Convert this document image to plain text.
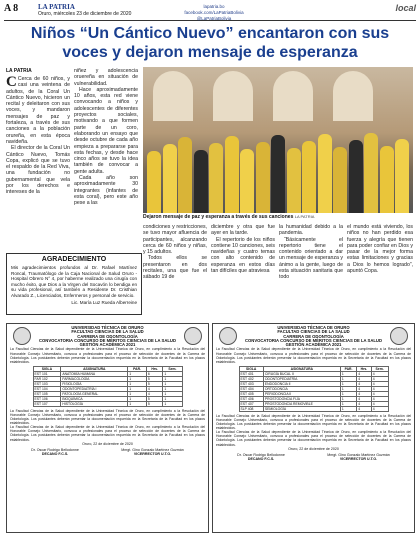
A 8	LA PATRIA
Oruro, miércoles 23 de diciembre de 2020
lapatria.bo
facebook.com/LaPatriaBolivia
@LaPatriaBolivia
local
Niños “Un Cántico Nuevo” encantaron con sus voces y dejaron mensaje de esperanza
LA PATRIA

C Cerca de 60 niños, y casi una veintena de adultos, de la Coral Un Cántico Nuevo, hicieron un recital y deleitaron con sus voces, y mandaron mensajes de paz y fortaleza, a través de sus canciones a la población orureña, en esta época navideña.

El director de la Coral Un Cántico Nuevo, Tomás Copa, explicó que se tuvo el respaldo de la Red Viva, una fundación no gubernamental que vela por los derechos e intereses de la

niñez y adolescencia oruereña en situación de vulnerabilidad.

Hace aproximadamente 10 años, esta red viene convocando a niños y adolescentes de diferentes proyectos sociales, motivando a que formen parte de un coro, elaborando un ensayo que desde octubre de cada año empieza a prepararse para esta fechas, y desde hace cinco años se tuvo la idea también de convocar a gente adulta.

Cada año son aproximadamente 30 integrantes (infantes de esta coral), pero este año pese a las

Dejaron mensaje de paz y esperanza a través de sus canciones LA PATRIA

condiciones y restricciones, se tuvo mayor afluencia de participantes, alcanzando cerca de 60 niños y niñas, y 15 adultos.

Todos ellos se presentaron en dos recitales, una que fue el sábado 19 de

diciembre y otra que fue ayer en la tarde.

El repertorio de los niños contiene 10 canciones, seis navideñas y cuatro temas con alto contenido de esperanza en estos días tan difíciles que atraviesa

la humanidad debido a la pandemia.

“Básicamente el repertorio tiene el contenido orientado a dar un mensaje de esperanza y ánimo a la gente, luego de esta situación sanitaria que todo

el mundo está viviendo, los niños no han perdido esa fuerza y alegría que tienen para poder confiar en Dios y pasar de la mejor forma estas limitaciones y gracias a Dios lo hemos logrado”, apuntó Copa.

AGRADECIMIENTO
Mis agradecimientos profundos al Dr. Rafael Martínez Roncal, Traumatólogo de la Caja Nacional de Salud Oruro - Hospital Obrero N° 4, por haberme realizado una cirugía con mucho éxito, que Dios a la Virgen del Socavón lo bendiga en su vida profesional, así también a Residente Dr. Cristhian Alvarado Z., Licenciados, Enfermeros y personal de servicio.
Lic. María Luz Rueda Alberreine
UNIVERSIDAD TÉCNICA DE ORURO
FACULTAD CIENCIAS DE LA SALUD
CARRERA DE ODONTOLOGÍA
CONVOCATORIA CONCURSO DE MÉRITOS CIENCIAS DE LA SALUD
GESTIÓN ACADÉMICA 2021
La Facultad Ciencias de la Salud dependiente de la Universidad Técnica de Oruro, en cumplimiento a la Resolución del Honorable Consejo Universitario, convoca a profesionales para el proceso de selección de docentes de la Carrera de Odontología. Los postulantes deberán presentar la documentación requerida en la Secretaría de la Facultad en los plazos establecidos.
SIGLA	ASIGNATURA	PAR.	Hrs.	Sem.
EST 101	ANATOMÍA HUMANA	1	6	1
FAR 102	FARMACOLOGÍA	1	5	1
EST 103	FISIOLOGÍA	1	5	1
EST 104	ODONTOPEDIATRÍA I	1	4	1
EST 105	PATOLOGÍA GENERAL	1	4	1
EST 106	BIOQUÍMICA	1	5	1
EST 107	HISTOLOGÍA	1	5	1
La Facultad Ciencias de la Salud dependiente de la Universidad Técnica de Oruro, en cumplimiento a la Resolución del Honorable Consejo Universitario, convoca a profesionales para el proceso de selección de docentes de la Carrera de Odontología. Los postulantes deberán presentar la documentación requerida en la Secretaría de la Facultad en los plazos establecidos.
La Facultad Ciencias de la Salud dependiente de la Universidad Técnica de Oruro, en cumplimiento a la Resolución del Honorable Consejo Universitario, convoca a profesionales para el proceso de selección de docentes de la Carrera de Odontología. Los postulantes deberán presentar la documentación requerida en la Secretaría de la Facultad en los plazos establecidos.
Oruro, 22 de diciembre de 2020
Dr. Oscar Rodrigo Bellodonne
DECANO F.C.S.
Mmgt. Gino Gonzalo Martínez Guzmán
VICERRECTOR U.T.O.
UNIVERSIDAD TÉCNICA DE ORURO
FACULTAD CIENCIAS DE LA SALUD
CARRERA DE ODONTOLOGÍA
CONVOCATORIA CONCURSO DE MÉRITOS CIENCIAS DE LA SALUD
GESTIÓN ACADÉMICA 2021
La Facultad Ciencias de la Salud dependiente de la Universidad Técnica de Oruro, en cumplimiento a la Resolución del Honorable Consejo Universitario, convoca a profesionales para el proceso de selección de docentes de la Carrera de Odontología. Los postulantes deberán presentar la documentación requerida en la Secretaría de la Facultad en los plazos establecidos.
SIGLA	ASIGNATURA	PAR.	Hrs.	Sem.
EST 401	CIRUGÍA BUCAL II	1	4	4
EST 402	ODONTOPEDIATRÍA	1	4	4
EST 403	ENDODONCIA II	1	4	4
EST 404	ORTODONCIA	1	4	4
EST 405	PERIODONCIA II	1	4	4
EST 406	PROSTODONCIA FIJA	1	4	4
EST 407	PROSTODONCIA REMOVIBLE	1	4	4
SLP 408	SEMIOLOGÍA	1	4	4
La Facultad Ciencias de la Salud dependiente de la Universidad Técnica de Oruro, en cumplimiento a la Resolución del Honorable Consejo Universitario, convoca a profesionales para el proceso de selección de docentes de la Carrera de Odontología. Los postulantes deberán presentar la documentación requerida en la Secretaría de la Facultad en los plazos establecidos.
La Facultad Ciencias de la Salud dependiente de la Universidad Técnica de Oruro, en cumplimiento a la Resolución del Honorable Consejo Universitario, convoca a profesionales para el proceso de selección de docentes de la Carrera de Odontología. Los postulantes deberán presentar la documentación requerida en la Secretaría de la Facultad en los plazos establecidos.
Oruro, 22 de diciembre de 2020
Dr. Oscar Rodrigo Bellodonne
DECANO F.C.S.
Mmgt. Gino Gonzalo Martínez Guzmán
VICERRECTOR U.T.O.
